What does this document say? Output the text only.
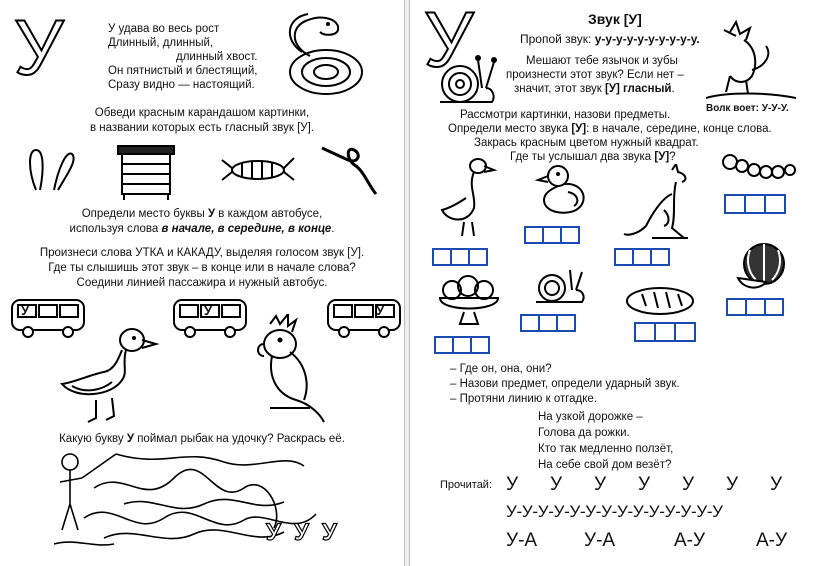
У	У удава во весь рост
Длинный, длинный,
длинный хвост.
Он пятнистый и блестящий,
Сразу видно — настоящий.
Обведи красным карандашом картинки,
в названии которых есть гласный звук [У].
Определи место буквы У в каждом автобусе,
используя слова в начале, в середине, в конце.
Произнеси слова УТКА и КАКАДУ, выделяя голосом звук [У].
Где ты слышишь этот звук – в конце или в начале слова?
Соедини линией пассажира и нужный автобус.
У	У	У
Какую букву У поймал рыбак на удочку? Раскрась её.
У У У
У	Звук [У]
Пропой звук: у-у-у-у-у-у-у-у-у-у.
Мешают тебе язычок и зубы
произнести этот звук? Если нет –
значит, этот звук [У] гласный.
Волк воет: У-У-У.
Рассмотри картинки, назови предметы.
Определи место звука [У]: в начале, середине, конце слова.
Закрась красным цветом нужный квадрат.
Где ты услышал два звука [У]?
– Где он, она, они?
– Назови предмет, определи ударный звук.
– Протяни линию к отгадке.
На узкой дорожке –
Голова да рожки.
Кто так медленно ползёт,
На себе свой дом везёт?
Прочитай: У У У У У У У
У-У-У-У-У-У-У-У-У-У-У-У-У-У
У-А У-А	А-У	А-У
